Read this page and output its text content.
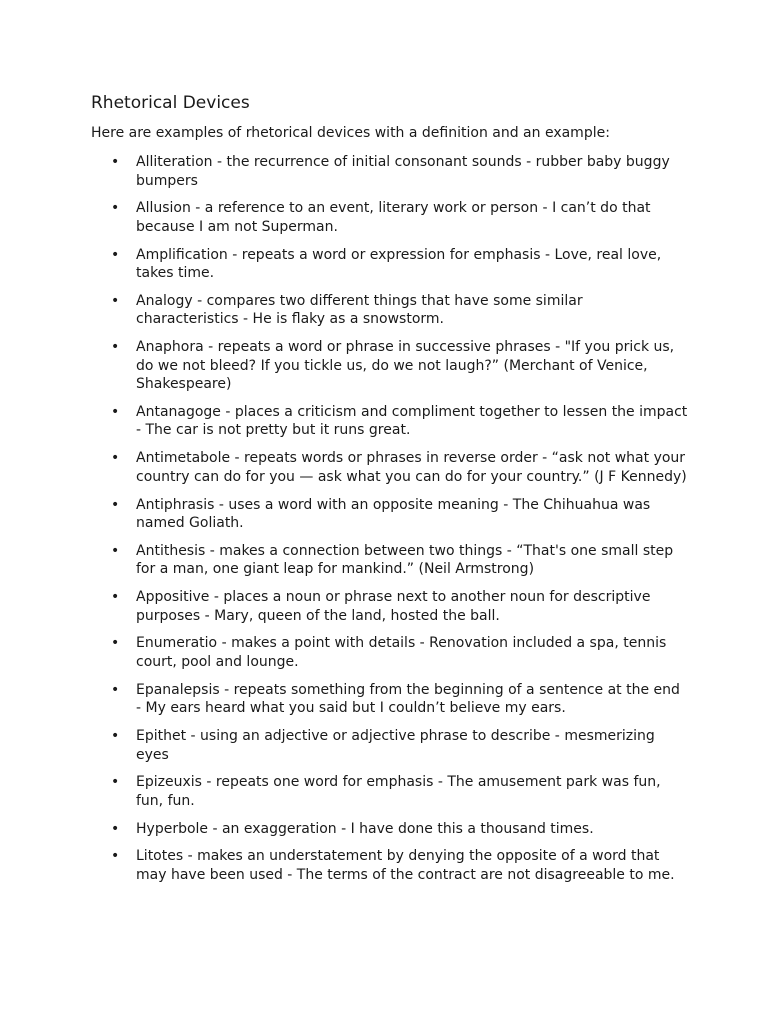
Rhetorical Devices

Here are examples of rhetorical devices with a definition and an example:

• Alliteration - the recurrence of initial consonant sounds - rubber baby buggy bumpers
• Allusion - a reference to an event, literary work or person - I can’t do that because I am not Superman.
• Amplification - repeats a word or expression for emphasis - Love, real love, takes time.
• Analogy - compares two different things that have some similar characteristics - He is flaky as a snowstorm.
• Anaphora - repeats a word or phrase in successive phrases - "If you prick us, do we not bleed? If you tickle us, do we not laugh?” (Merchant of Venice, Shakespeare)
• Antanagoge - places a criticism and compliment together to lessen the impact - The car is not pretty but it runs great.
• Antimetabole - repeats words or phrases in reverse order - “ask not what your country can do for you — ask what you can do for your country.” (J F Kennedy)
• Antiphrasis - uses a word with an opposite meaning - The Chihuahua was named Goliath.
• Antithesis - makes a connection between two things - “That's one small step for a man, one giant leap for mankind.” (Neil Armstrong)
• Appositive - places a noun or phrase next to another noun for descriptive purposes - Mary, queen of the land, hosted the ball.
• Enumeratio - makes a point with details - Renovation included a spa, tennis court, pool and lounge.
• Epanalepsis - repeats something from the beginning of a sentence at the end - My ears heard what you said but I couldn’t believe my ears.
• Epithet - using an adjective or adjective phrase to describe - mesmerizing eyes
• Epizeuxis - repeats one word for emphasis - The amusement park was fun, fun, fun.
• Hyperbole - an exaggeration - I have done this a thousand times.
• Litotes - makes an understatement by denying the opposite of a word that may have been used - The terms of the contract are not disagreeable to me.
